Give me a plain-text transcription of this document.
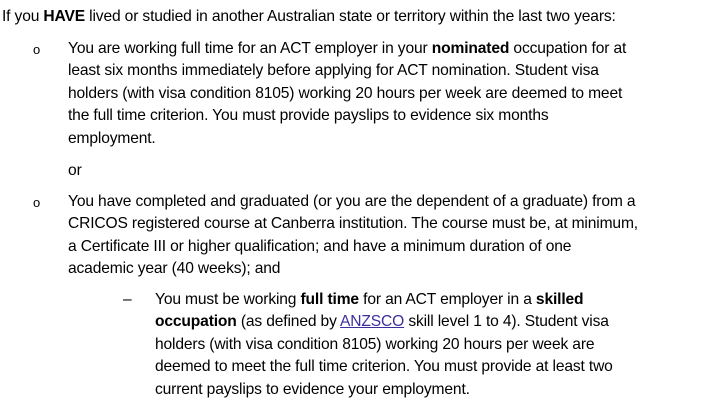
If you HAVE lived or studied in another Australian state or territory within the last two years:
o You are working full time for an ACT employer in your nominated occupation for at
least six months immediately before applying for ACT nomination. Student visa
holders (with visa condition 8105) working 20 hours per week are deemed to meet
the full time criterion. You must provide payslips to evidence six months
employment.
or
o You have completed and graduated (or you are the dependent of a graduate) from a
CRICOS registered course at Canberra institution. The course must be, at minimum,
a Certificate III or higher qualification; and have a minimum duration of one
academic year (40 weeks); and
– You must be working full time for an ACT employer in a skilled
occupation (as defined by ANZSCO skill level 1 to 4). Student visa
holders (with visa condition 8105) working 20 hours per week are
deemed to meet the full time criterion. You must provide at least two
current payslips to evidence your employment.
